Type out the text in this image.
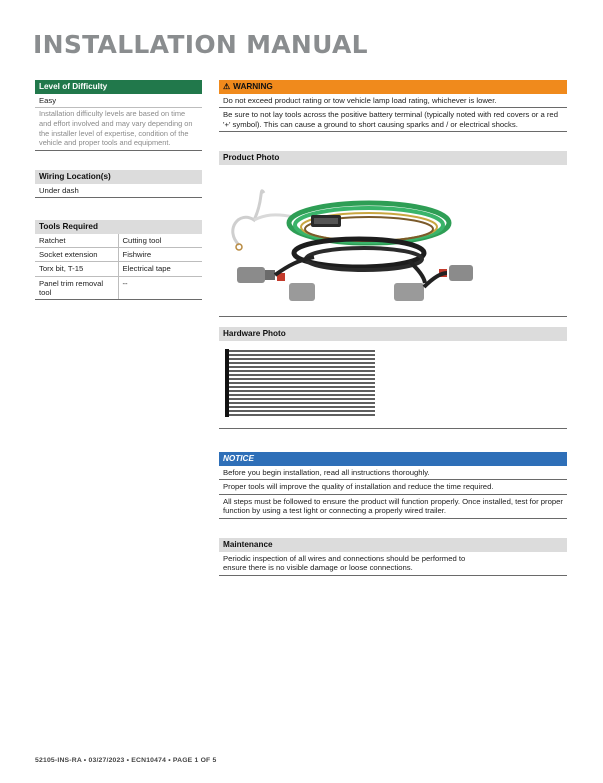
INSTALLATION MANUAL
Level of Difficulty
Easy
Installation difficulty levels are based on time and effort involved and may vary depending on the installer level of expertise, condition of the vehicle and proper tools and equipment.
Wiring Location(s)
Under dash
Tools Required
Ratchet	Cutting tool
Socket extension	Fishwire
Torx bit, T-15	Electrical tape
Panel trim removal tool	--
⚠ WARNING
Do not exceed product rating or tow vehicle lamp load rating, whichever is lower.
Be sure to not lay tools across the positive battery terminal (typically noted with red covers or a red '+' symbol). This can cause a ground to short causing sparks and / or electrical shocks.
Product Photo
Hardware Photo
NOTICE
Before you begin installation, read all instructions thoroughly.
Proper tools will improve the quality of installation and reduce the time required.
All steps must be followed to ensure the product will function properly. Once installed, test for proper function by using a test light or connecting a properly wired trailer.
Maintenance
Periodic inspection of all wires and connections should be performed to ensure there is no visible damage or loose connections.
52105-INS-RA • 03/27/2023 • ECN10474 • PAGE 1 OF 5
